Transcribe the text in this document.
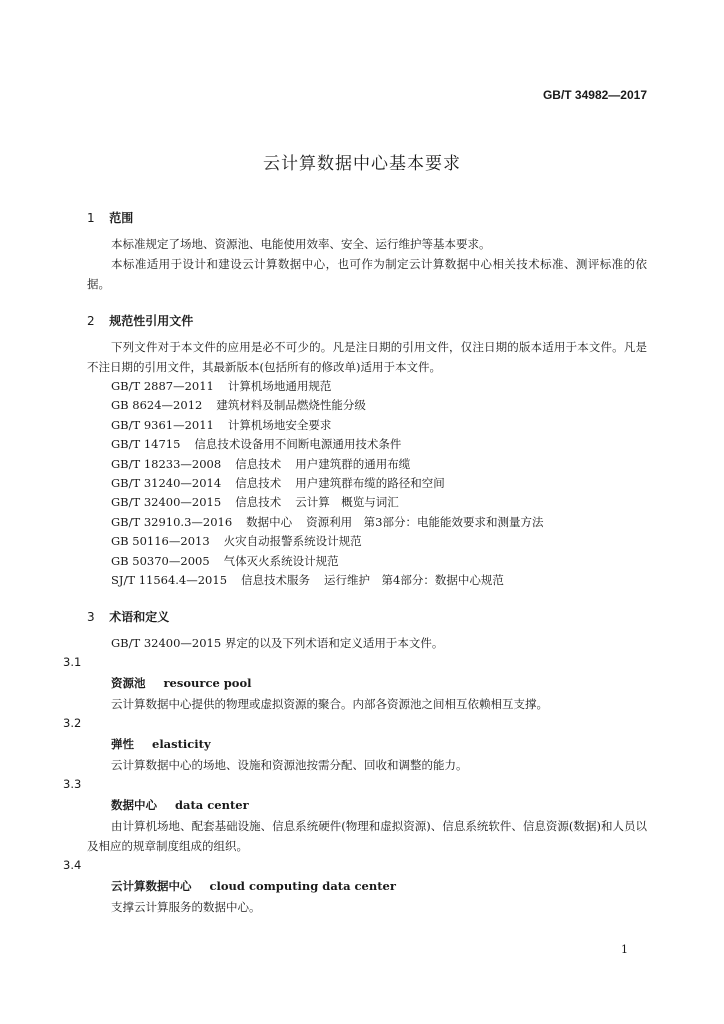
GB/T 34982—2017
云计算数据中心基本要求
1 范围

本标准规定了场地、资源池、电能使用效率、安全、运行维护等基本要求。

本标准适用于设计和建设云计算数据中心，也可作为制定云计算数据中心相关技术标准、测评标准的依据。

2 规范性引用文件

下列文件对于本文件的应用是必不可少的。凡是注日期的引用文件，仅注日期的版本适用于本文件。凡是不注日期的引用文件，其最新版本(包括所有的修改单)适用于本文件。

GB/T 2887—2011 计算机场地通用规范

GB 8624—2012 建筑材料及制品燃烧性能分级

GB/T 9361—2011 计算机场地安全要求

GB/T 14715 信息技术设备用不间断电源通用技术条件

GB/T 18233—2008 信息技术 用户建筑群的通用布缆

GB/T 31240—2014 信息技术 用户建筑群布缆的路径和空间

GB/T 32400—2015 信息技术 云计算　概览与词汇

GB/T 32910.3—2016 数据中心 资源利用　第3部分：电能能效要求和测量方法

GB 50116—2013 火灾自动报警系统设计规范

GB 50370—2005 气体灭火系统设计规范

SJ/T 11564.4—2015 信息技术服务 运行维护　第4部分：数据中心规范

3 术语和定义

GB/T 32400—2015 界定的以及下列术语和定义适用于本文件。

3.1

资源池 resource pool

云计算数据中心提供的物理或虚拟资源的聚合。内部各资源池之间相互依赖相互支撑。

3.2

弹性 elasticity

云计算数据中心的场地、设施和资源池按需分配、回收和调整的能力。

3.3

数据中心 data center

由计算机场地、配套基础设施、信息系统硬件(物理和虚拟资源)、信息系统软件、信息资源(数据)和人员以及相应的规章制度组成的组织。

3.4

云计算数据中心 cloud computing data center

支撑云计算服务的数据中心。

1
